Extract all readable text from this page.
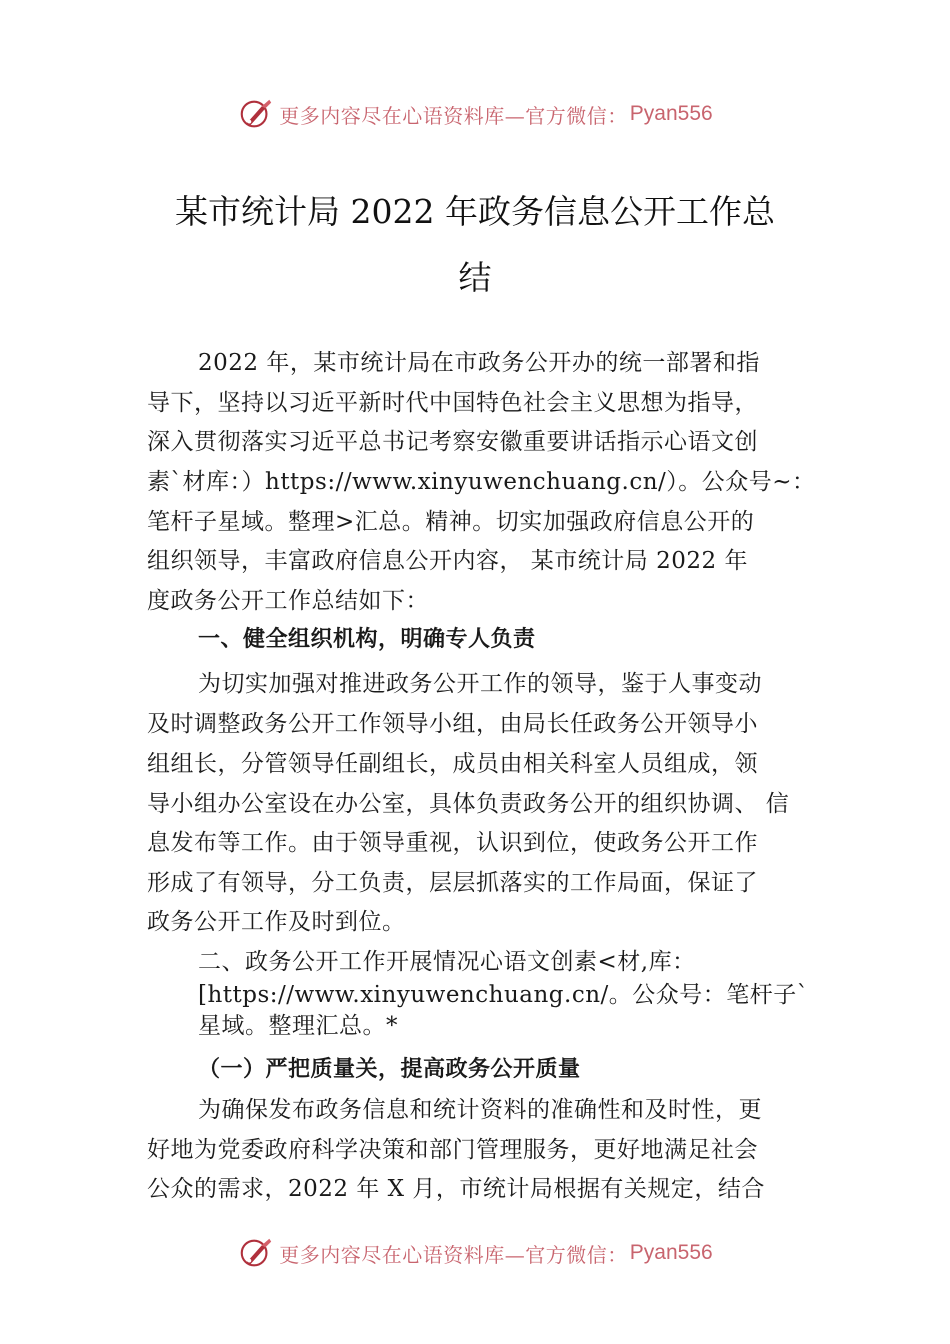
更多内容尽在心语资料库—官方微信： Pyan556
某市统计局 2022 年政务信息公开工作总
结
2022 年，某市统计局在市政务公开办的统一部署和指
导下，坚持以习近平新时代中国特色社会主义思想为指导，
深入贯彻落实习近平总书记考察安徽重要讲话指示心语文创
素`材库：）https://www.xinyuwenchuang.cn/）。公众号~：
笔杆子星域。整理>汇总。精神。切实加强政府信息公开的
组织领导，丰富政府信息公开内容， 某市统计局 2022 年
度政务公开工作总结如下：
一、健全组织机构，明确专人负责
为切实加强对推进政务公开工作的领导，鉴于人事变动
及时调整政务公开工作领导小组，由局长任政务公开领导小
组组长，分管领导任副组长，成员由相关科室人员组成，领
导小组办公室设在办公室，具体负责政务公开的组织协调、 信
息发布等工作。由于领导重视，认识到位，使政务公开工作
形成了有领导，分工负责，层层抓落实的工作局面，保证了
政务公开工作及时到位。
二、政务公开工作开展情况心语文创素<材,库：
[https://www.xinyuwenchuang.cn/。公众号：笔杆子`
星域。整理汇总。*
（一）严把质量关，提高政务公开质量
为确保发布政务信息和统计资料的准确性和及时性，更
好地为党委政府科学决策和部门管理服务，更好地满足社会
公众的需求，2022 年 X 月，市统计局根据有关规定，结合
更多内容尽在心语资料库—官方微信： Pyan556
